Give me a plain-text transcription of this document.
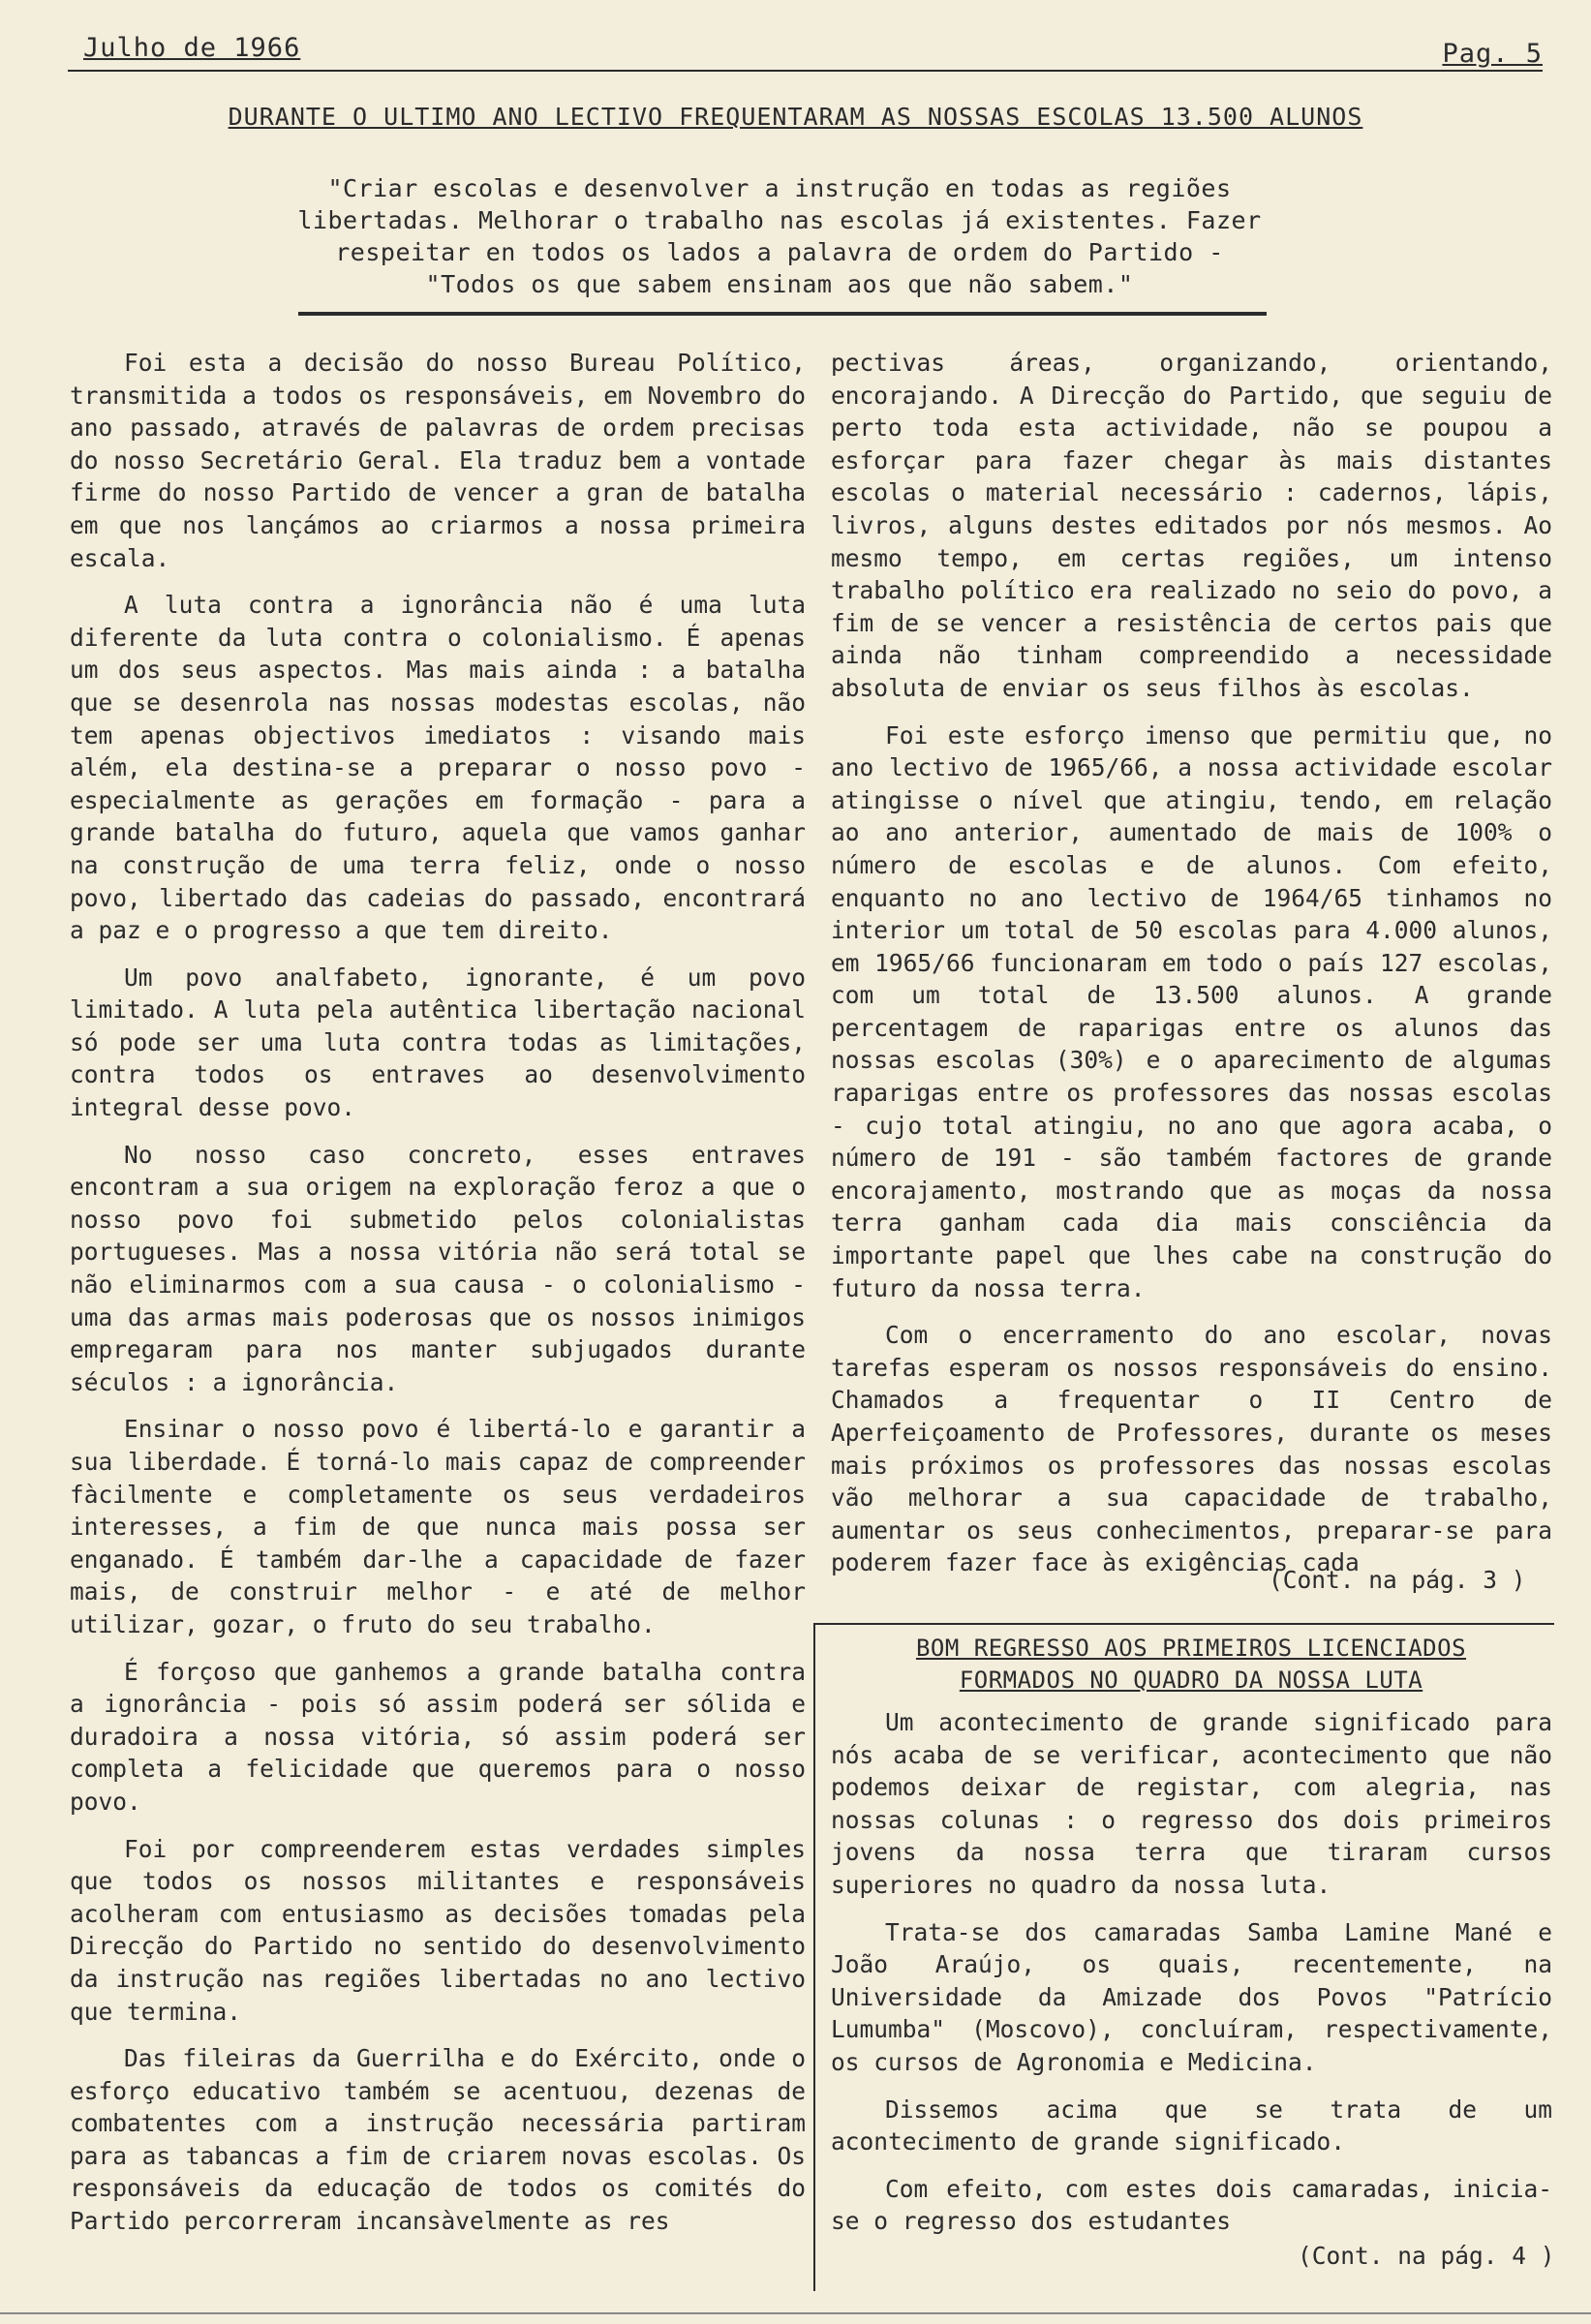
Julho de 1966	Pag. 5
DURANTE O ULTIMO ANO LECTIVO FREQUENTARAM AS NOSSAS ESCOLAS 13.500 ALUNOS
"Criar escolas e desenvolver a instrução en todas as regiões libertadas. Melhorar o trabalho nas escolas já existentes. Fazer respeitar en todos os lados a palavra de ordem do Partido - "Todos os que sabem ensinam aos que não sabem."

Foi esta a decisão do nosso Bureau Político, transmitida a todos os responsáveis, em Novembro do ano passado, através de palavras de ordem precisas do nosso Secretário Geral. Ela traduz bem a vontade firme do nosso Partido de vencer a gran de batalha em que nos lançámos ao criarmos a nossa primeira escala.

A luta contra a ignorância não é uma luta diferente da luta contra o colonialismo. É apenas um dos seus aspectos. Mas mais ainda : a batalha que se desenrola nas nossas modestas escolas, não tem apenas objectivos imediatos : visando mais além, ela destina-se a preparar o nosso povo - especialmente as gerações em formação - para a grande batalha do futuro, aquela que vamos ganhar na construção de uma terra feliz, onde o nosso povo, libertado das cadeias do passado, encontrará a paz e o progresso a que tem direito.

Um povo analfabeto, ignorante, é um povo limitado. A luta pela autêntica libertação nacional só pode ser uma luta contra todas as limitações, contra todos os entraves ao desenvolvimento integral desse povo.

No nosso caso concreto, esses entraves encontram a sua origem na exploração feroz a que o nosso povo foi submetido pelos colonialistas portugueses. Mas a nossa vitória não será total se não eliminarmos com a sua causa - o colonialismo - uma das armas mais poderosas que os nossos inimigos empregaram para nos manter subjugados durante séculos : a ignorância.

Ensinar o nosso povo é libertá-lo e garantir a sua liberdade. É torná-lo mais capaz de compreender fàcilmente e completamente os seus verdadeiros interesses, a fim de que nunca mais possa ser enganado. É também dar-lhe a capacidade de fazer mais, de construir melhor - e até de melhor utilizar, gozar, o fruto do seu trabalho.

É forçoso que ganhemos a grande batalha contra a ignorância - pois só assim poderá ser sólida e duradoira a nossa vitória, só assim poderá ser completa a felicidade que queremos para o nosso povo.

Foi por compreenderem estas verdades simples que todos os nossos militantes e responsáveis acolheram com entusiasmo as decisões tomadas pela Direcção do Partido no sentido do desenvolvimento da instrução nas regiões libertadas no ano lectivo que termina.

Das fileiras da Guerrilha e do Exército, onde o esforço educativo também se acentuou, dezenas de combatentes com a instrução necessária partiram para as tabancas a fim de criarem novas escolas. Os responsáveis da educação de todos os comités do Partido percorreram incansàvelmente as res

pectivas áreas, organizando, orientando, encorajando. A Direcção do Partido, que seguiu de perto toda esta actividade, não se poupou a esforçar para fazer chegar às mais distantes escolas o material necessário : cadernos, lápis, livros, alguns destes editados por nós mesmos. Ao mesmo tempo, em certas regiões, um intenso trabalho político era realizado no seio do povo, a fim de se vencer a resistência de certos pais que ainda não tinham compreendido a necessidade absoluta de enviar os seus filhos às escolas.

Foi este esforço imenso que permitiu que, no ano lectivo de 1965/66, a nossa actividade escolar atingisse o nível que atingiu, tendo, em relação ao ano anterior, aumentado de mais de 100% o número de escolas e de alunos. Com efeito, enquanto no ano lectivo de 1964/65 tinhamos no interior um total de 50 escolas para 4.000 alunos, em 1965/66 funcionaram em todo o país 127 escolas, com um total de 13.500 alunos. A grande percentagem de raparigas entre os alunos das nossas escolas (30%) e o aparecimento de algumas raparigas entre os professores das nossas escolas - cujo total atingiu, no ano que agora acaba, o número de 191 - são também factores de grande encorajamento, mostrando que as moças da nossa terra ganham cada dia mais consciência da importante papel que lhes cabe na construção do futuro da nossa terra.

Com o encerramento do ano escolar, novas tarefas esperam os nossos responsáveis do ensino. Chamados a frequentar o II Centro de Aperfeiçoamento de Professores, durante os meses mais próximos os professores das nossas escolas vão melhorar a sua capacidade de trabalho, aumentar os seus conhecimentos, preparar-se para poderem fazer face às exigências cada

(Cont. na pág. 3 )
BOM REGRESSO AOS PRIMEIROS LICENCIADOS
FORMADOS NO QUADRO DA NOSSA LUTA

Um acontecimento de grande significado para nós acaba de se verificar, acontecimento que não podemos deixar de registar, com alegria, nas nossas colunas : o regresso dos dois primeiros jovens da nossa terra que tiraram cursos superiores no quadro da nossa luta.

Trata-se dos camaradas Samba Lamine Mané e João Araújo, os quais, recentemente, na Universidade da Amizade dos Povos "Patrício Lumumba" (Moscovo), concluíram, respectivamente, os cursos de Agronomia e Medicina.

Dissemos acima que se trata de um acontecimento de grande significado.

Com efeito, com estes dois camaradas, inicia-se o regresso dos estudantes

(Cont. na pág. 4 )
